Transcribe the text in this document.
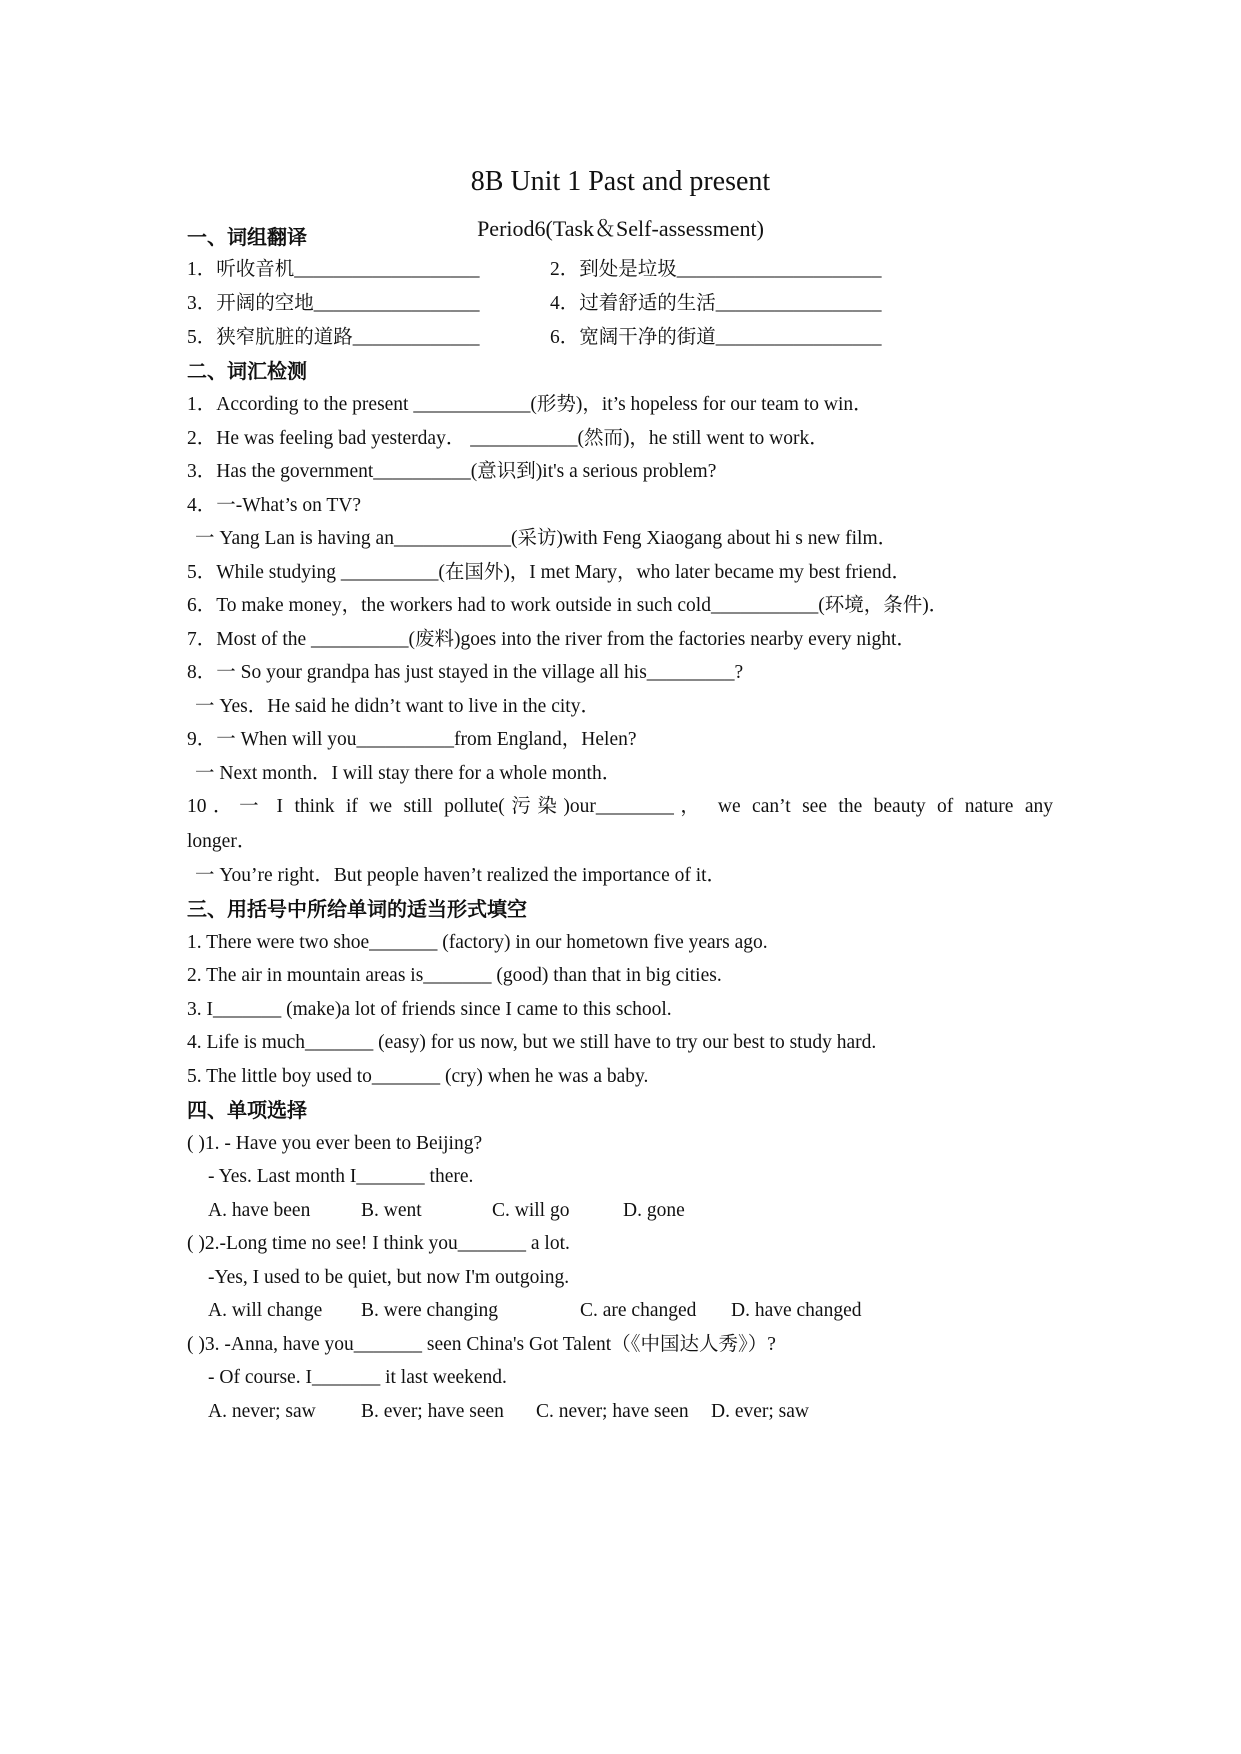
8B Unit 1 Past and present
Period6(Task＆Self-assessment)
一、词组翻译
1．听收音机___________________	2．到处是垃圾_____________________
3．开阔的空地_________________	4．过着舒适的生活_________________
5．狭窄肮脏的道路_____________	6．宽阔干净的街道_________________
二、词汇检测
1．According to the present ____________(形势)，it’s hopeless for our team to win．
2．He was feeling bad yesterday． ___________(然而)，he still went to work．
3．Has the government__________(意识到)it's a serious problem?
4．一-What’s on TV?
一 Yang Lan is having an____________(采访)with Feng Xiaogang about hi s new film．
5．While studying __________(在国外)，I met Mary，who later became my best friend．
6．To make money，the workers had to work outside in such cold___________(环境，条件)．
7．Most of the __________(废料)goes into the river from the factories nearby every night．
8．一 So your grandpa has just stayed in the village all his_________?
一 Yes．He said he didn’t want to live in the city．
9．一 When will you__________from England，Helen?
一 Next month．I will stay there for a whole month．
10．一 I think if we still pollute(污染)our________， we can’t see the beauty of nature any
longer．
一 You’re right．But people haven’t realized the importance of it．
三、用括号中所给单词的适当形式填空
1. There were two shoe_______ (factory) in our hometown five years ago.
2. The air in mountain areas is_______ (good) than that in big cities.
3. I_______ (make)a lot of friends since I came to this school.
4. Life is much_______ (easy) for us now, but we still have to try our best to study hard.
5. The little boy used to_______ (cry) when he was a baby.
四、单项选择
( )1. - Have you ever been to Beijing?
- Yes. Last month I_______ there.
A. have been	B. went	C. will go	D. gone
( )2.-Long time no see! I think you_______ a lot.
-Yes, I used to be quiet, but now I'm outgoing.
A. will change B. were changing	C. are changed D. have changed
( )3. -Anna, have you_______ seen China's Got Talent（《中国达人秀》）?
- Of course. I_______ it last weekend.
A. never; saw B. ever; have seen C. never; have seen D. ever; saw
